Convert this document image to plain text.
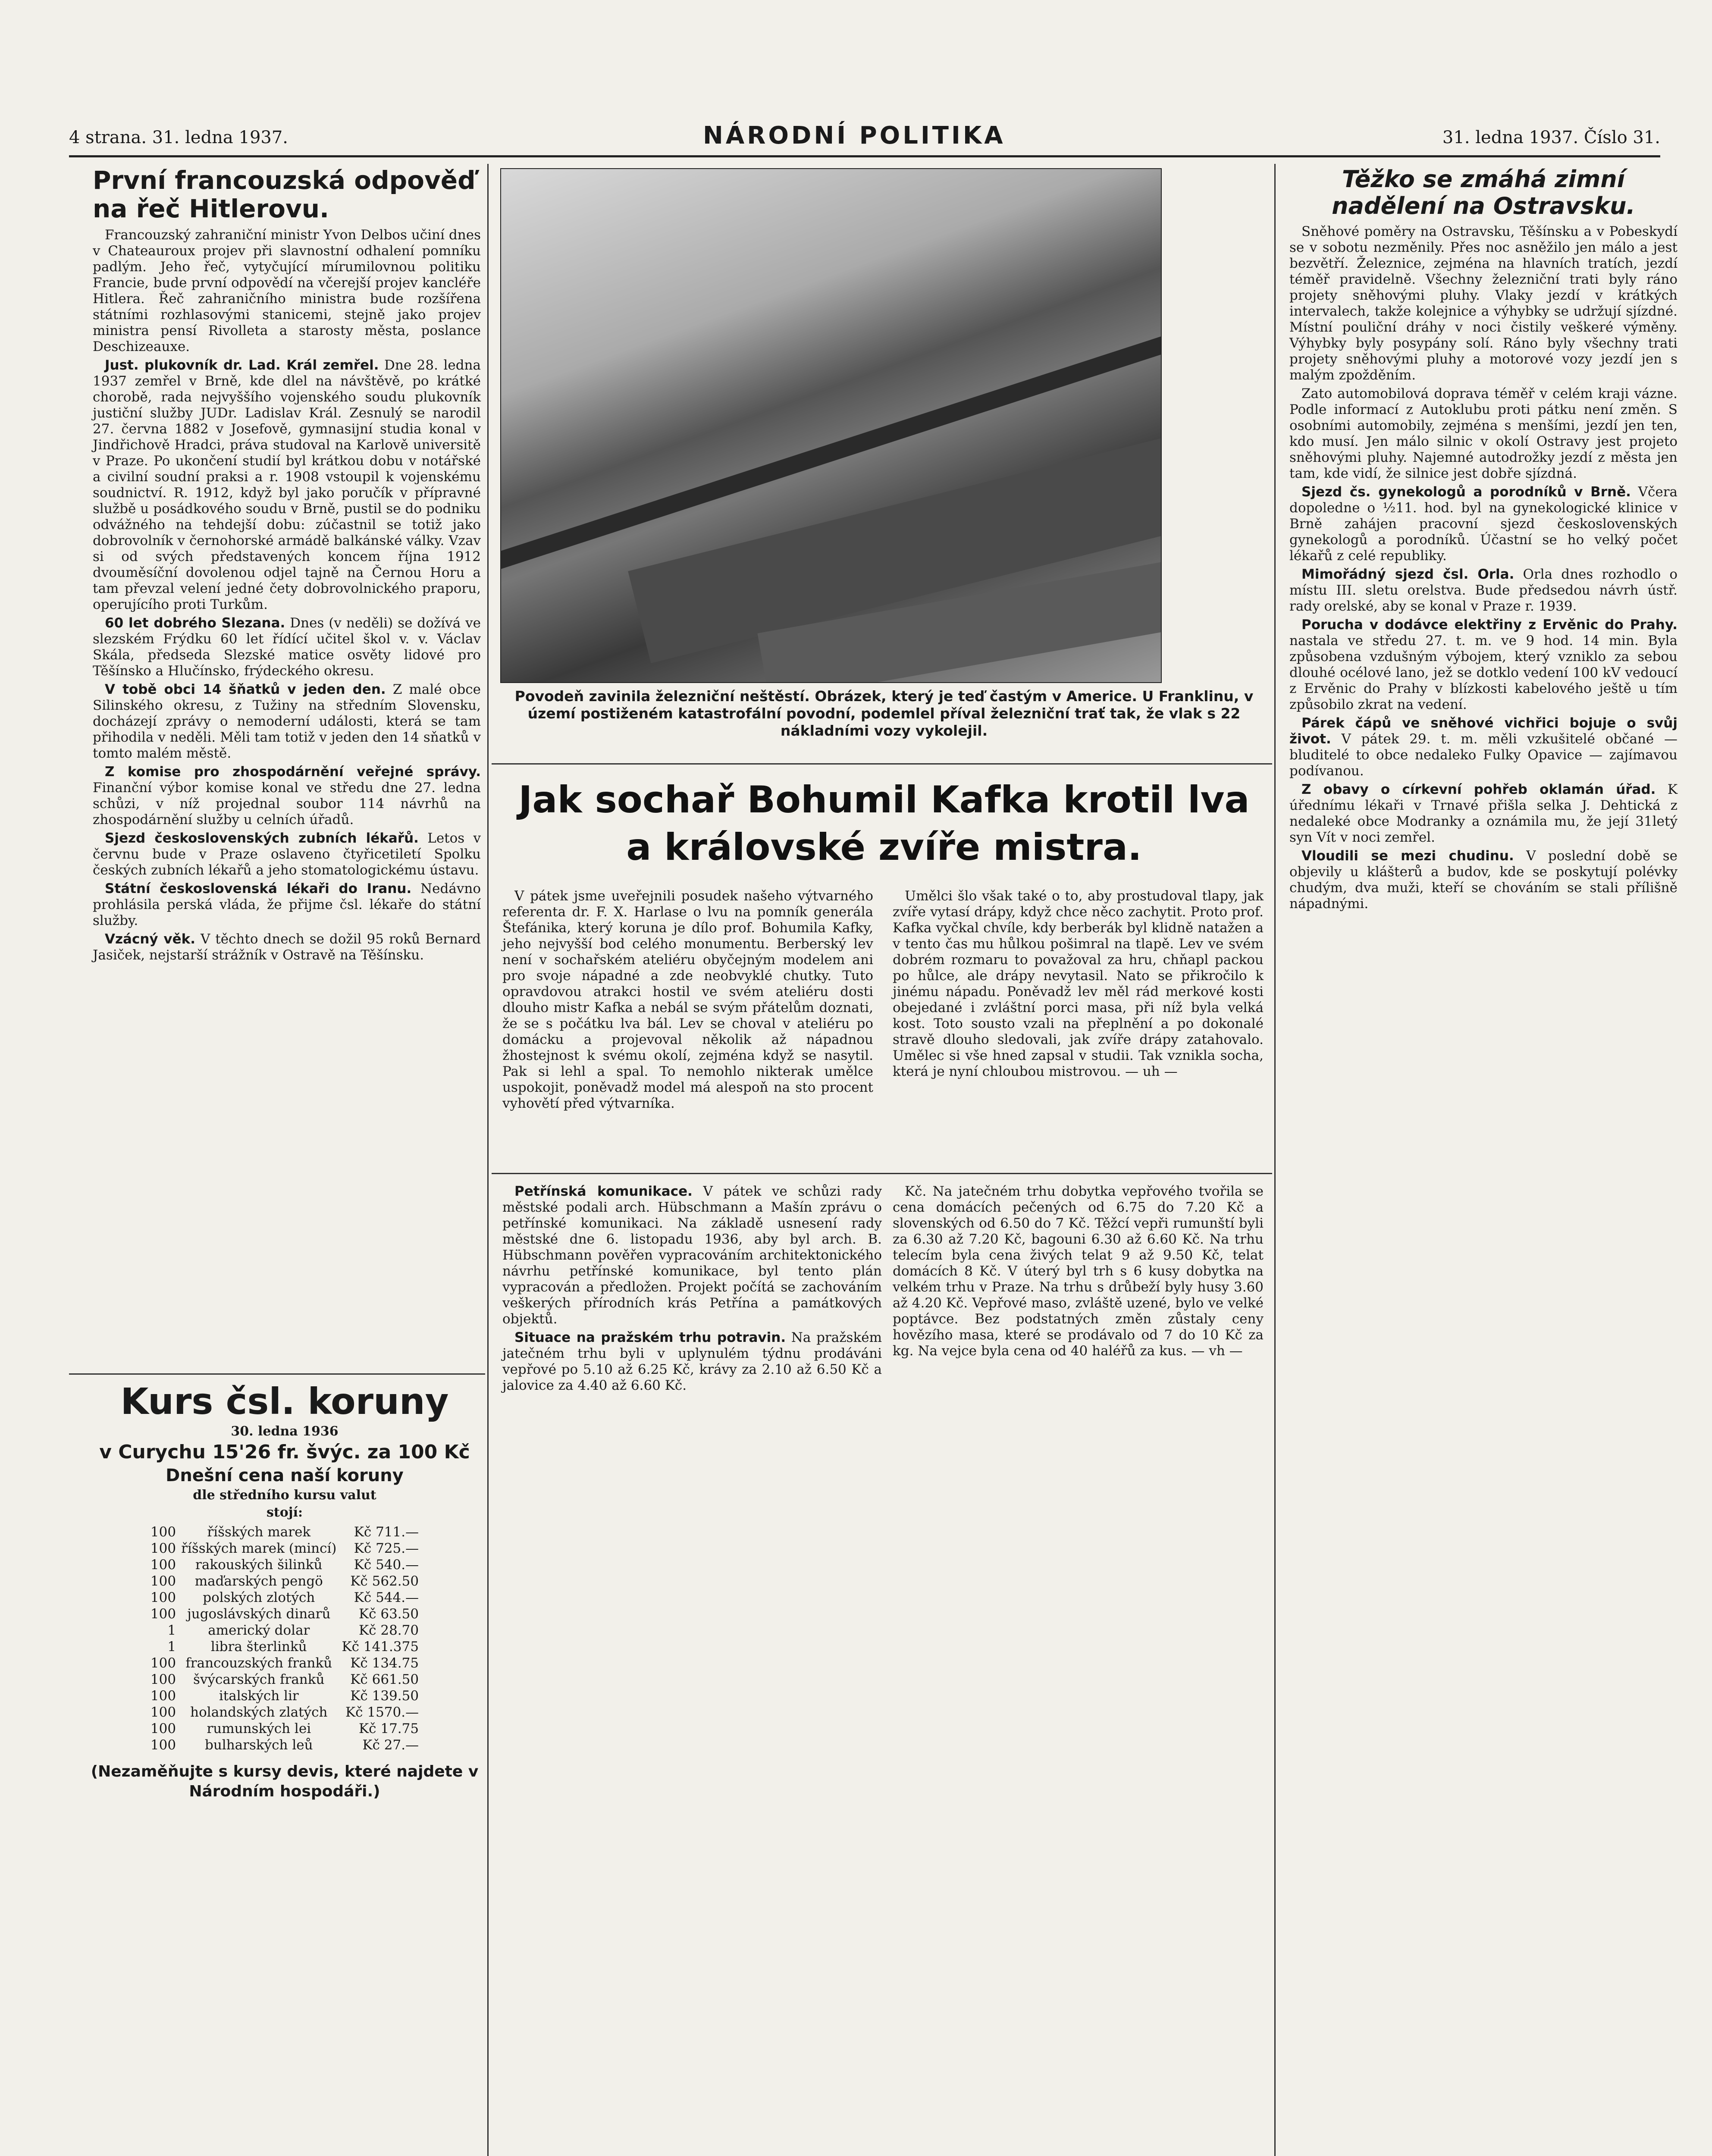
4 strana. 31. ledna 1937.	NÁRODNÍ POLITIKA	31. ledna 1937. Číslo 31.
První francouzská odpověď na řeč Hitlerovu.

Francouzský zahraniční ministr Yvon Delbos učiní dnes v Chateauroux projev při slavnostní odhalení pomníku padlým. Jeho řeč, vytyčující mírumilovnou politiku Francie, bude první odpovědí na včerejší projev kancléře Hitlera. Řeč zahraničního ministra bude rozšířena státními rozhlasovými stanicemi, stejně jako projev ministra pensí Rivolleta a starosty města, poslance Deschizeauxe.

Just. plukovník dr. Lad. Král zemřel. Dne 28. ledna 1937 zemřel v Brně, kde dlel na návštěvě, po krátké chorobě, rada nejvyššího vojenského soudu plukovník justiční služby JUDr. Ladislav Král. Zesnulý se narodil 27. června 1882 v Josefově, gymnasijní studia konal v Jindřichově Hradci, práva studoval na Karlově universitě v Praze. Po ukončení studií byl krátkou dobu v notářské a civilní soudní praksi a r. 1908 vstoupil k vojenskému soudnictví. R. 1912, když byl jako poručík v přípravné službě u posádkového soudu v Brně, pustil se do podniku odvážného na tehdejší dobu: zúčastnil se totiž jako dobrovolník v černohorské armádě balkánské války. Vzav si od svých představených koncem října 1912 dvouměsíční dovolenou odjel tajně na Černou Horu a tam převzal velení jedné čety dobrovolnického praporu, operujícího proti Turkům.

60 let dobrého Slezana. Dnes (v neděli) se dožívá ve slezském Frýdku 60 let řídící učitel škol v. v. Václav Skála, předseda Slezské matice osvěty lidové pro Těšínsko a Hlučínsko, frýdeckého okresu.

V tobě obci 14 šňatků v jeden den. Z malé obce Silinského okresu, z Tužiny na středním Slovensku, docházejí zprávy o nemoderní události, která se tam přihodila v neděli. Měli tam totiž v jeden den 14 sňatků v tomto malém městě.

Z komise pro zhospodárnění veřejné správy. Finanční výbor komise konal ve středu dne 27. ledna schůzi, v níž projednal soubor 114 návrhů na zhospodárnění služby u celních úřadů.

Sjezd československých zubních lékařů. Letos v červnu bude v Praze oslaveno čtyřicetiletí Spolku českých zubních lékařů a jeho stomatologickému ústavu.

Státní československá lékaři do Iranu. Nedávno prohlásila perská vláda, že přijme čsl. lékaře do státní služby.

Vzácný věk. V těchto dnech se dožil 95 roků Bernard Jasiček, nejstarší strážník v Ostravě na Těšínsku.

Kurs čsl. koruny
30. ledna 1936
v Curychu 15'26 fr. švýc. za 100 Kč
Dnešní cena naší koruny
dle středního kursu valut
stojí:
100	říšských marek	Kč 711.—
100	říšských marek (mincí)	Kč 725.—
100	rakouských šilinků	Kč 540.—
100	maďarských pengö	Kč 562.50
100	polských zlotých	Kč 544.—
100	jugoslávských dinarů	Kč 63.50
1	americký dolar	Kč 28.70
1	libra šterlinků	Kč 141.375
100	francouzských franků	Kč 134.75
100	švýcarských franků	Kč 661.50
100	italských lir	Kč 139.50
100	holandských zlatých	Kč 1570.—
100	rumunských lei	Kč 17.75
100	bulharských leů	Kč 27.—
(Nezaměňujte s kursy devis, které najdete v Národním hospodáři.)
Povodeň zavinila železniční neštěstí. Obrázek, který je teď častým v Americe. U Franklinu, v území postiženém katastrofální povodní, podemlel příval železniční trať tak, že vlak s 22 nákladními vozy vykolejil.
Jak sochař Bohumil Kafka krotil lva a královské zvíře mistra.

V pátek jsme uveřejnili posudek našeho výtvarného referenta dr. F. X. Harlase o lvu na pomník generála Štefánika, který koruna je dílo prof. Bohumila Kafky, jeho nejvyšší bod celého monumentu. Berberský lev není v sochařském ateliéru obyčejným modelem ani pro svoje nápadné a zde neobvyklé chutky. Tuto opravdovou atrakci hostil ve svém ateliéru dosti dlouho mistr Kafka a nebál se svým přátelům doznati, že se s počátku lva bál. Lev se choval v ateliéru po domácku a projevoval několik až nápadnou žhostejnost k svému okolí, zejména když se nasytil. Pak si lehl a spal. To nemohlo nikterak umělce uspokojit, poněvadž model má alespoň na sto procent vyhovětí před výtvarníka.

Umělci šlo však také o to, aby prostudoval tlapy, jak zvíře vytasí drápy, když chce něco zachytit. Proto prof. Kafka vyčkal chvíle, kdy berberák byl klidně natažen a v tento čas mu hůlkou pošimral na tlapě. Lev ve svém dobrém rozmaru to považoval za hru, chňapl packou po hůlce, ale drápy nevytasil. Nato se přikročilo k jinému nápadu. Poněvadž lev měl rád merkové kosti obejedané i zvláštní porci masa, při níž byla velká kost. Toto sousto vzali na přeplnění a po dokonalé stravě dlouho sledovali, jak zvíře drápy zatahovalo. Umělec si vše hned zapsal v studii. Tak vznikla socha, která je nyní chloubou mistrovou. — uh —

Petřínská komunikace. V pátek ve schůzi rady městské podali arch. Hübschmann a Mašín zprávu o petřínské komunikaci. Na základě usnesení rady městské dne 6. listopadu 1936, aby byl arch. B. Hübschmann pověřen vypracováním architektonického návrhu petřínské komunikace, byl tento plán vypracován a předložen. Projekt počítá se zachováním veškerých přírodních krás Petřína a památkových objektů.

Situace na pražském trhu potravin. Na pražském jatečném trhu byli v uplynulém týdnu prodáváni vepřové po 5.10 až 6.25 Kč, krávy za 2.10 až 6.50 Kč a jalovice za 4.40 až 6.60 Kč.

Kč. Na jatečném trhu dobytka vepřového tvořila se cena domácích pečených od 6.75 do 7.20 Kč a slovenských od 6.50 do 7 Kč. Těžcí vepři rumunští byli za 6.30 až 7.20 Kč, bagouni 6.30 až 6.60 Kč. Na trhu telecím byla cena živých telat 9 až 9.50 Kč, telat domácích 8 Kč. V úterý byl trh s 6 kusy dobytka na velkém trhu v Praze. Na trhu s drůbeží byly husy 3.60 až 4.20 Kč. Vepřové maso, zvláště uzené, bylo ve velké poptávce. Bez podstatných změn zůstaly ceny hovězího masa, které se prodávalo od 7 do 10 Kč za kg. Na vejce byla cena od 40 haléřů za kus. — vh —

Těžko se zmáhá zimní nadělení na Ostravsku.

Sněhové poměry na Ostravsku, Těšínsku a v Pobeskydí se v sobotu nezměnily. Přes noc asněžilo jen málo a jest bezvětří. Železnice, zejména na hlavních tratích, jezdí téměř pravidelně. Všechny železniční trati byly ráno projety sněhovými pluhy. Vlaky jezdí v krátkých intervalech, takže kolejnice a výhybky se udržují sjízdné. Místní pouliční dráhy v noci čistily veškeré výměny. Výhybky byly posypány solí. Ráno byly všechny trati projety sněhovými pluhy a motorové vozy jezdí jen s malým zpožděním.

Zato automobilová doprava téměř v celém kraji vázne. Podle informací z Autoklubu proti pátku není změn. S osobními automobily, zejména s menšími, jezdí jen ten, kdo musí. Jen málo silnic v okolí Ostravy jest projeto sněhovými pluhy. Najemné autodrožky jezdí z města jen tam, kde vidí, že silnice jest dobře sjízdná.

Sjezd čs. gynekologů a porodníků v Brně. Včera dopoledne o ½11. hod. byl na gynekologické klinice v Brně zahájen pracovní sjezd československých gynekologů a porodníků. Účastní se ho velký počet lékařů z celé republiky.

Mimořádný sjezd čsl. Orla. Orla dnes rozhodlo o místu III. sletu orelstva. Bude předsedou návrh ústř. rady orelské, aby se konal v Praze r. 1939.

Porucha v dodávce elektřiny z Ervěnic do Prahy. nastala ve středu 27. t. m. ve 9 hod. 14 min. Byla způsobena vzdušným výbojem, který vzniklo za sebou dlouhé océlové lano, jež se dotklo vedení 100 kV vedoucí z Ervěnic do Prahy v blízkosti kabelového ještě u tím způsobilo zkrat na vedení.

Párek čápů ve sněhové vichřici bojuje o svůj život. V pátek 29. t. m. měli vzkušitelé občané — bluditelé to obce nedaleko Fulky Opavice — zajímavou podívanou.

Z obavy o církevní pohřeb oklamán úřad. K úřednímu lékaři v Trnavé přišla selka J. Dehtická z nedaleké obce Modranky a oznámila mu, že její 31letý syn Vít v noci zemřel.

Vloudili se mezi chudinu. V poslední době se objevily u klášterů a budov, kde se poskytují polévky chudým, dva muži, kteří se chováním se stali přílišně nápadnými.
